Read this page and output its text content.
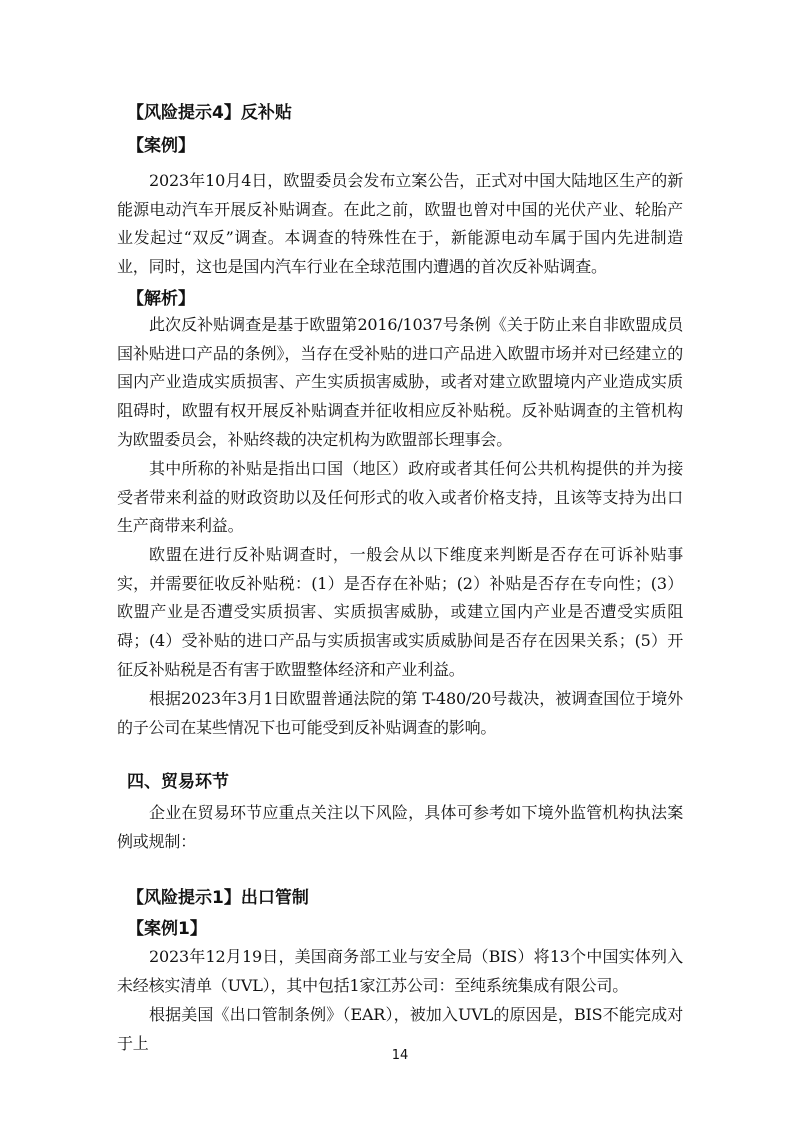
【风险提示4】反补贴
【案例】
2023年10月4日，欧盟委员会发布立案公告，正式对中国大陆地区生产的新能源电动汽车开展反补贴调查。在此之前，欧盟也曾对中国的光伏产业、轮胎产业发起过“双反”调查。本调查的特殊性在于，新能源电动车属于国内先进制造业，同时，这也是国内汽车行业在全球范围内遭遇的首次反补贴调查。
【解析】
此次反补贴调查是基于欧盟第2016/1037号条例《关于防止来自非欧盟成员国补贴进口产品的条例》，当存在受补贴的进口产品进入欧盟市场并对已经建立的国内产业造成实质损害、产生实质损害威胁，或者对建立欧盟境内产业造成实质阻碍时，欧盟有权开展反补贴调查并征收相应反补贴税。反补贴调查的主管机构为欧盟委员会，补贴终裁的决定机构为欧盟部长理事会。
其中所称的补贴是指出口国（地区）政府或者其任何公共机构提供的并为接受者带来利益的财政资助以及任何形式的收入或者价格支持，且该等支持为出口生产商带来利益。
欧盟在进行反补贴调查时，一般会从以下维度来判断是否存在可诉补贴事实，并需要征收反补贴税：(1）是否存在补贴；(2）补贴是否存在专向性；(3）欧盟产业是否遭受实质损害、实质损害威胁，或建立国内产业是否遭受实质阻碍；(4）受补贴的进口产品与实质损害或实质威胁间是否存在因果关系；(5）开征反补贴税是否有害于欧盟整体经济和产业利益。
根据2023年3月1日欧盟普通法院的第 T-480/20号裁决，被调查国位于境外的子公司在某些情况下也可能受到反补贴调查的影响。
四、贸易环节
企业在贸易环节应重点关注以下风险，具体可参考如下境外监管机构执法案例或规制：
【风险提示1】出口管制
【案例1】
2023年12月19日，美国商务部工业与安全局（BIS）将13个中国实体列入未经核实清单（UVL），其中包括1家江苏公司：至纯系统集成有限公司。
根据美国《出口管制条例》（EAR），被加入UVL的原因是，BIS不能完成对于上
14
